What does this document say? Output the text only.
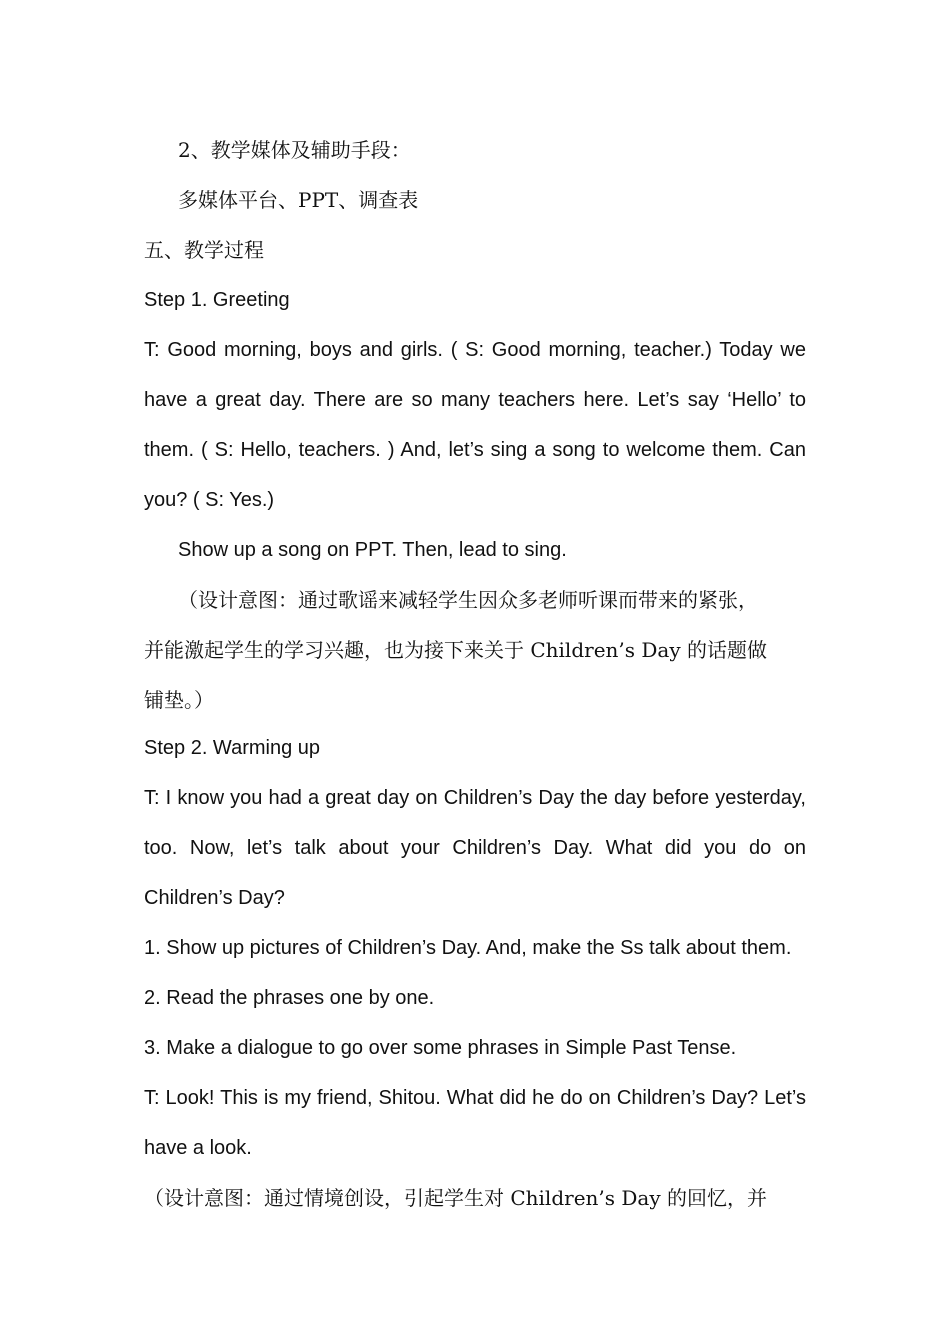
2、教学媒体及辅助手段：
多媒体平台、PPT、调查表
五、教学过程
Step 1. Greeting
T: Good morning, boys and girls. ( S: Good morning, teacher.) Today we
have a great day. There are so many teachers here. Let’s say ‘Hello’ to
them. ( S: Hello, teachers. ) And, let’s sing a song to welcome them. Can
you? ( S: Yes.)
Show up a song on PPT. Then, lead to sing.
（设计意图：通过歌谣来减轻学生因众多老师听课而带来的紧张，
并能激起学生的学习兴趣，也为接下来关于 Children’s Day 的话题做
铺垫。）
Step 2. Warming up
T: I know you had a great day on Children’s Day the day before yesterday,
too. Now, let’s talk about your Children’s Day. What did you do on
Children’s Day?
1. Show up pictures of Children’s Day. And, make the Ss talk about them.
2. Read the phrases one by one.
3. Make a dialogue to go over some phrases in Simple Past Tense.
T: Look! This is my friend, Shitou. What did he do on Children’s Day? Let’s
have a look.
（设计意图：通过情境创设，引起学生对 Children’s Day 的回忆，并
